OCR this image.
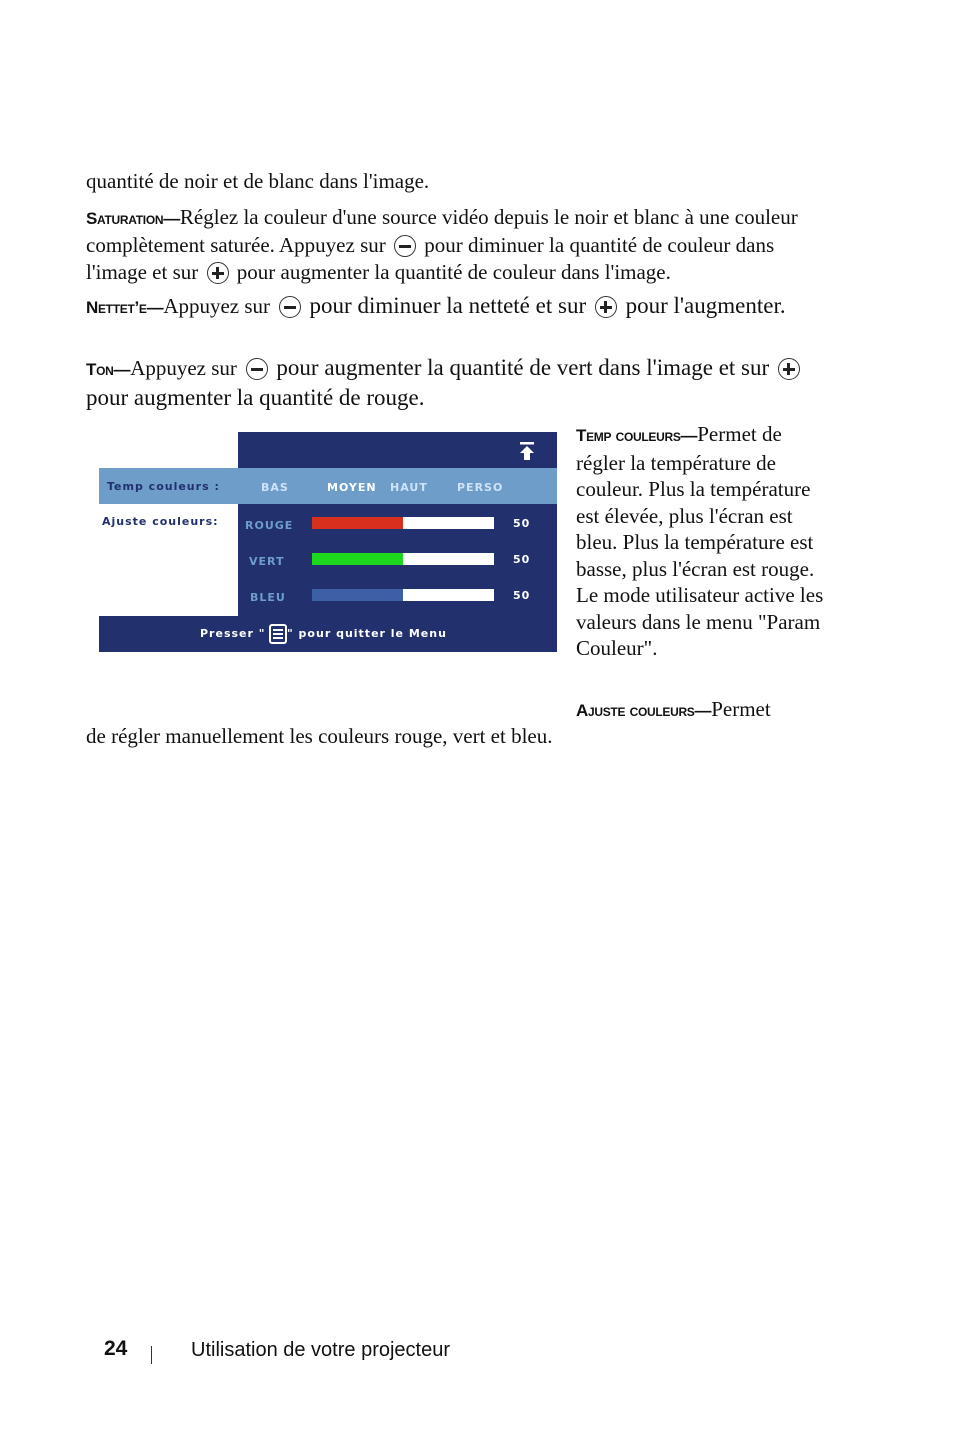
quantité de noir et de blanc dans l'image.

Saturation—Réglez la couleur d'une source vidéo depuis le noir et blanc à une couleur complètement saturée. Appuyez sur pour diminuer la quantité de couleur dans l'image et sur pour augmenter la quantité de couleur dans l'image.

Nettet’e—Appuyez sur pour diminuer la netteté et sur pour l'augmenter.

Ton—Appuyez sur pour augmenter la quantité de vert dans l'image et sur  pour augmenter la quantité de rouge.

Temp couleurs :	BAS	MOYEN HAUT	PERSO
Ajuste couleurs: ROUGE	50
VERT	50
BLEU	50
Presser " " pour quitter le Menu

Temp couleurs—Permet de régler la température de couleur. Plus la température est élevée, plus l'écran est bleu. Plus la température est basse, plus l'écran est rouge. Le mode utilisateur active les valeurs dans le menu "Param Couleur".

Ajuste couleurs—Permet

de régler manuellement les couleurs rouge, vert et bleu.

24	Utilisation de votre projecteur
